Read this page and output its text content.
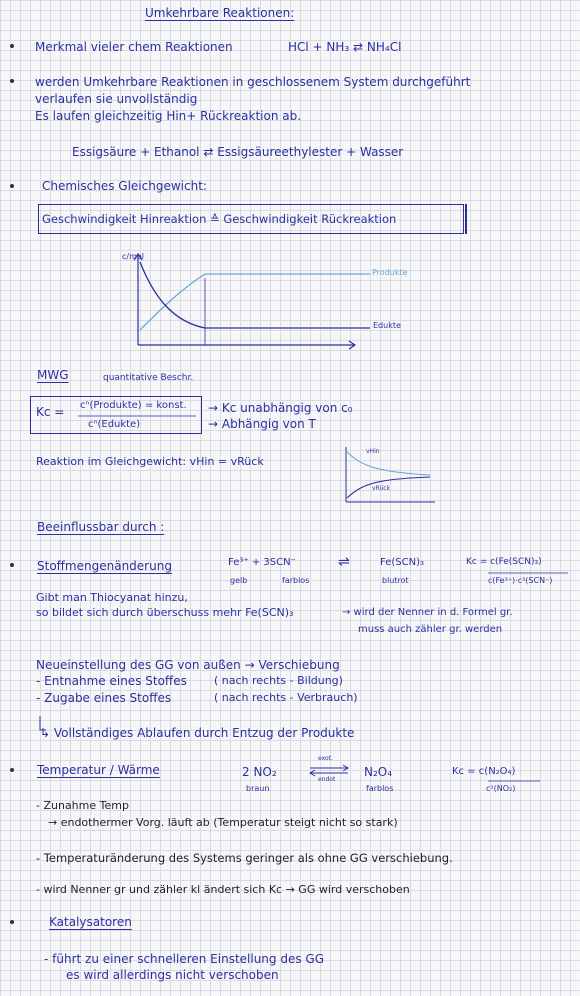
Umkehrbare Reaktionen:
Merkmal vieler chem Reaktionen	HCl + NH₃ ⇄ NH₄Cl
werden Umkehrbare Reaktionen in geschlossenem System durchgeführt
verlaufen sie unvollständig
Es laufen gleichzeitig Hin+ Rückreaktion ab.
Essigsäure + Ethanol ⇄ Essigsäureethylester + Wasser
Chemisches Gleichgewicht:
Geschwindigkeit Hinreaktion ≙ Geschwindigkeit Rückreaktion
c/mol
Produkte
Edukte
MWG	quantitative Beschr.
Kc = cⁿ(Produkte) = konst.
cⁿ(Edukte)
→ Kc unabhängig von c₀
→ Abhängig von T
Reaktion im Gleichgewicht: vHin = vRück
vHin
vRück
Beeinflussbar durch :
Stoffmengenänderung	Fe³⁺ + 3SCN⁻	⇌	Fe(SCN)₃
gelb	farblos	blutrot
Kc = c(Fe(SCN)₃)
c(Fe³⁺)·c³(SCN⁻)
Gibt man Thiocyanat hinzu,
so bildet sich durch überschuss mehr Fe(SCN)₃	→ wird der Nenner in d. Formel gr.
muss auch zähler gr. werden
Neueinstellung des GG von außen → Verschiebung
- Entnahme eines Stoffes ( nach rechts - Bildung)
- Zugabe eines Stoffes	( nach rechts - Verbrauch)
↳ Vollständiges Ablaufen durch Entzug der Produkte
Temperatur / Wärme	2 NO₂
braun
exot.
endot
N₂O₄
farblos
Kc = c(N₂O₄)
c²(NO₂)
- Zunahme Temp
→ endothermer Vorg. läuft ab (Temperatur steigt nicht so stark)
- Temperaturänderung des Systems geringer als ohne GG verschiebung.
- wird Nenner gr und zähler kl ändert sich Kc → GG wird verschoben
Katalysatoren
- führt zu einer schnelleren Einstellung des GG
es wird allerdings nicht verschoben
